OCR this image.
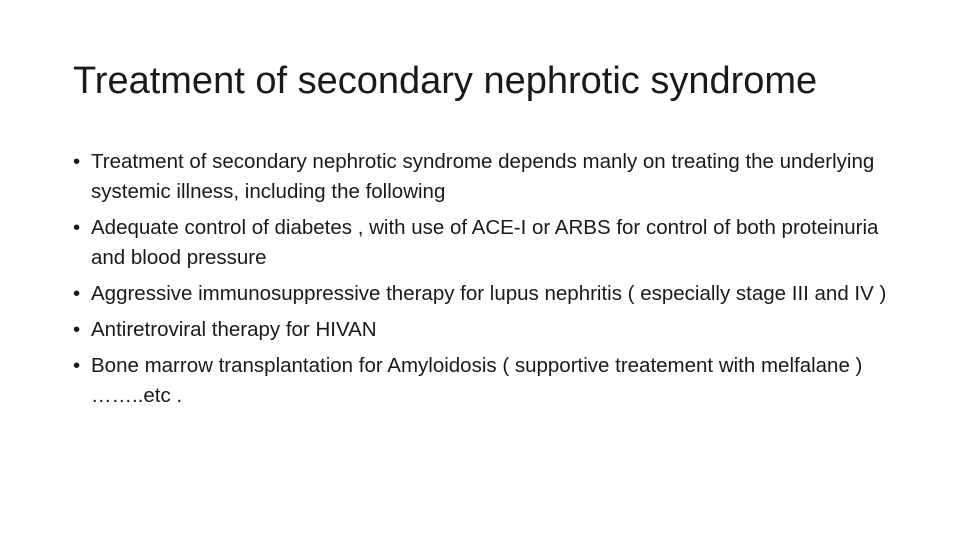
Treatment of secondary nephrotic syndrome
• Treatment of secondary nephrotic syndrome depends manly on treating the underlying systemic illness, including the following
• Adequate control of diabetes , with use of ACE-I or ARBS for control of both proteinuria and blood pressure
• Aggressive immunosuppressive therapy for lupus nephritis ( especially stage III and IV )
• Antiretroviral therapy for HIVAN
• Bone marrow transplantation for Amyloidosis ( supportive treatement with melfalane ) ……..etc .
